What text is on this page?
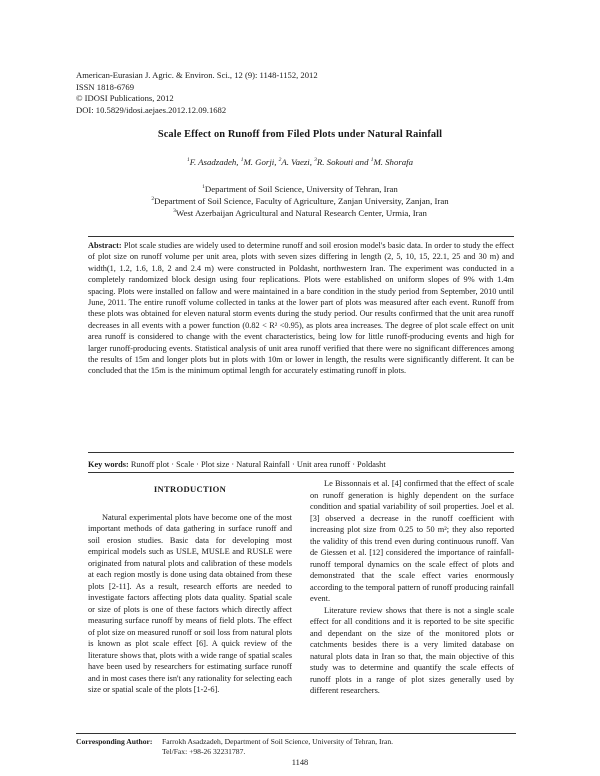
American-Eurasian J. Agric. & Environ. Sci., 12 (9): 1148-1152, 2012
ISSN 1818-6769
© IDOSI Publications, 2012
DOI: 10.5829/idosi.aejaes.2012.12.09.1682
Scale Effect on Runoff from Filed Plots under Natural Rainfall
$^1$F. Asadzadeh, $^1$M. Gorji, $^2$A. Vaezi, $^3$R. Sokouti and $^1$M. Shorafa
$^1$Department of Soil Science, University of Tehran, Iran
$^2$Department of Soil Science, Faculty of Agriculture, Zanjan University, Zanjan, Iran
$^3$West Azerbaijan Agricultural and Natural Research Center, Urmia, Iran
Abstract: Plot scale studies are widely used to determine runoff and soil erosion model's basic data. In order to study the effect of plot size on runoff volume per unit area, plots with seven sizes differing in length (2, 5, 10, 15, 22.1, 25 and 30 m) and width(1, 1.2, 1.6, 1.8, 2 and 2.4 m) were constructed in Poldasht, northwestern Iran. The experiment was conducted in a completely randomized block design using four replications. Plots were established on uniform slopes of 9% with 1.4m spacing. Plots were installed on fallow and were maintained in a bare condition in the study period from September, 2010 until June, 2011. The entire runoff volume collected in tanks at the lower part of plots was measured after each event. Runoff from these plots was obtained for eleven natural storm events during the study period. Our results confirmed that the unit area runoff decreases in all events with a power function (0.82 < R² <0.95), as plots area increases. The degree of plot scale effect on unit area runoff is considered to change with the event characteristics, being low for little runoff-producing events and high for larger runoff-producing events. Statistical analysis of unit area runoff verified that there were no significant differences among the results of 15m and longer plots but in plots with 10m or lower in length, the results were significantly different. It can be concluded that the 15m is the minimum optimal length for accurately estimating runoff in plots.
Key words: Runoff plot · Scale · Plot size · Natural Rainfall · Unit area runoff · Poldasht
INTRODUCTION

Natural experimental plots have become one of the most important methods of data gathering in surface runoff and soil erosion studies. Basic data for developing most empirical models such as USLE, MUSLE and RUSLE were originated from natural plots and calibration of these models at each region mostly is done using data obtained from these plots [2-11]. As a result, research efforts are needed to investigate factors affecting plots data quality. Spatial scale or size of plots is one of these factors which directly affect measuring surface runoff by means of field plots. The effect of plot size on measured runoff or soil loss from natural plots is known as plot scale effect [6]. A quick review of the literature shows that, plots with a wide range of spatial scales have been used by researchers for estimating surface runoff and in most cases there isn't any rationality for selecting each size or spatial scale of the plots [1-2-6].

Le Bissonnais et al. [4] confirmed that the effect of scale on runoff generation is highly dependent on the surface condition and spatial variability of soil properties. Joel et al. [3] observed a decrease in the runoff coefficient with increasing plot size from 0.25 to 50 m²; they also reported the validity of this trend even during continuous runoff. Van de Giessen et al. [12] considered the importance of rainfall-runoff temporal dynamics on the scale effect of plots and demonstrated that the scale effect varies enormously according to the temporal pattern of runoff producing rainfall event.

Literature review shows that there is not a single scale effect for all conditions and it is reported to be site specific and dependant on the size of the monitored plots or catchments besides there is a very limited database on natural plots data in Iran so that, the main objective of this study was to determine and quantify the scale effects of runoff plots in a range of plot sizes generally used by different researchers.

Corresponding Author: Farrokh Asadzadeh, Department of Soil Science, University of Tehran, Iran.
Tel/Fax: +98-26 32231787.
1148
